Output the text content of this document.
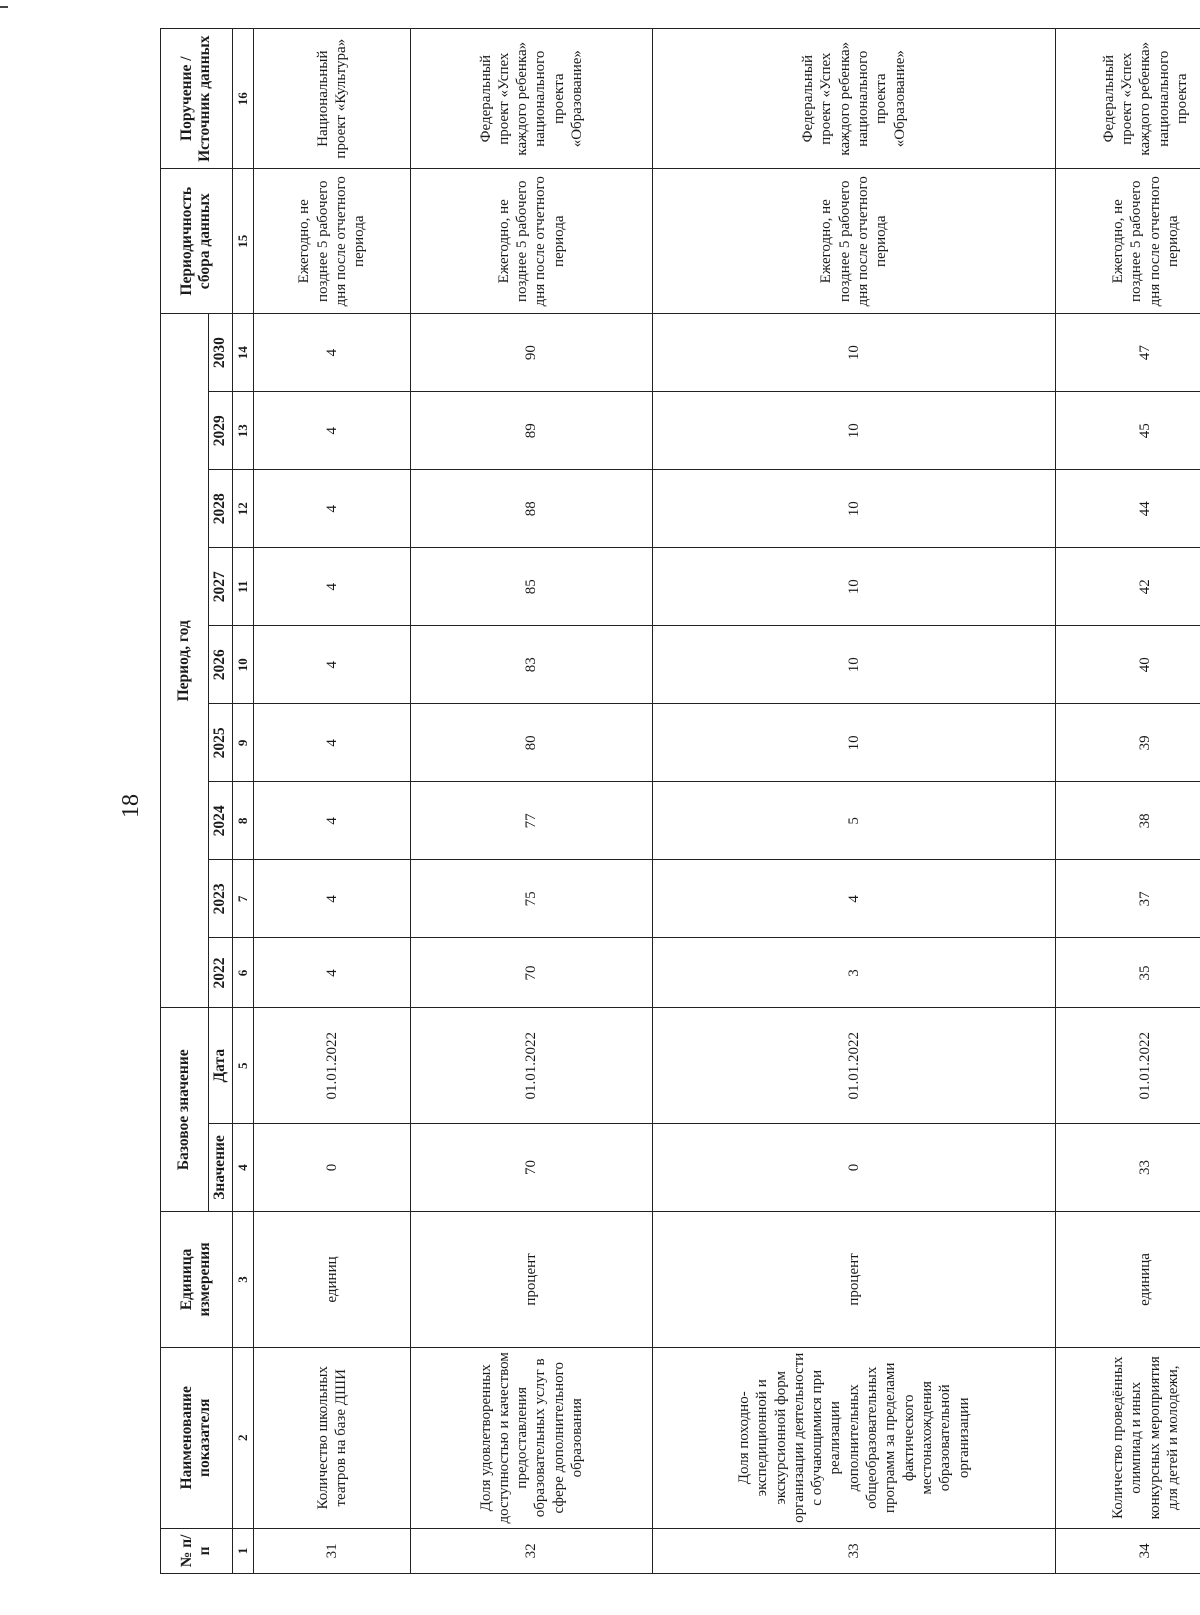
18
№ п/п	Наименование показателя	Единица измерения	Базовое значение		Период, год									Периодичность сбора данных	Поручение / Источник данных
			Значение	Дата	2022	2023	2024	2025	2026	2027	2028	2029	2030		
1	2	3	4	5	6	7	8	9	10	11	12	13	14	15	16
31	Количество школьных театров на базе ДШИ	единиц	0	01.01.2022	4	4	4	4	4	4	4	4	4	Ежегодно, не позднее 5 рабочего дня после отчетного периода	Национальный проект «Культура»
32	Доля удовлетворенных доступностью и качеством предоставления образовательных услуг в сфере дополнительного образования	процент	70	01.01.2022	70	75	77	80	83	85	88	89	90	Ежегодно, не позднее 5 рабочего дня после отчетного периода	Федеральный проект «Успех каждого ребенка» национального проекта «Образование»
33	Доля походно-экспедиционной и экскурсионной форм организации деятельности с обучающимися при реализации дополнительных общеобразовательных программ за пределами фактического местонахождения образовательной организации	процент	0	01.01.2022	3	4	5	10	10	10	10	10	10	Ежегодно, не позднее 5 рабочего дня после отчетного периода	Федеральный проект «Успех каждого ребенка» национального проекта «Образование»
34	Количество проведённых олимпиад и иных конкурсных мероприятия для детей и молодежи,	единица	33	01.01.2022	35	37	38	39	40	42	44	45	47	Ежегодно, не позднее 5 рабочего дня после отчетного периода	Федеральный проект «Успех каждого ребенка» национального проекта
